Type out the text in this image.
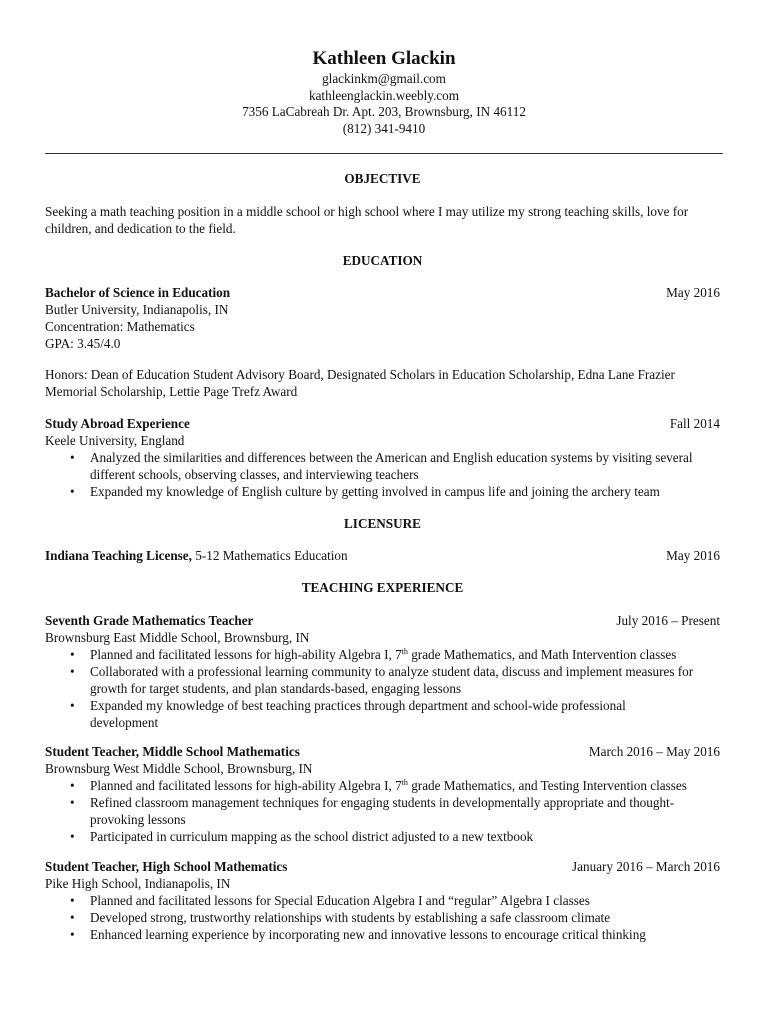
Kathleen Glackin
glackinkm@gmail.com
kathleenglackin.weebly.com
7356 LaCabreah Dr. Apt. 203, Brownsburg, IN 46112
(812) 341-9410
OBJECTIVE
Seeking a math teaching position in a middle school or high school where I may utilize my strong teaching skills, love for
children, and dedication to the field.
EDUCATION
Bachelor of Science in Education	May 2016
Butler University, Indianapolis, IN
Concentration: Mathematics
GPA: 3.45/4.0
Honors: Dean of Education Student Advisory Board, Designated Scholars in Education Scholarship, Edna Lane Frazier
Memorial Scholarship, Lettie Page Trefz Award
Study Abroad Experience	Fall 2014
Keele University, England
• Analyzed the similarities and differences between the American and English education systems by visiting several
different schools, observing classes, and interviewing teachers
• Expanded my knowledge of English culture by getting involved in campus life and joining the archery team
LICENSURE
Indiana Teaching License, 5-12 Mathematics Education	May 2016
TEACHING EXPERIENCE
Seventh Grade Mathematics Teacher	July 2016 – Present
Brownsburg East Middle School, Brownsburg, IN
• Planned and facilitated lessons for high-ability Algebra I, 7th grade Mathematics, and Math Intervention classes
• Collaborated with a professional learning community to analyze student data, discuss and implement measures for
growth for target students, and plan standards-based, engaging lessons
• Expanded my knowledge of best teaching practices through department and school-wide professional
development
Student Teacher, Middle School Mathematics	March 2016 – May 2016
Brownsburg West Middle School, Brownsburg, IN
• Planned and facilitated lessons for high-ability Algebra I, 7th grade Mathematics, and Testing Intervention classes
• Refined classroom management techniques for engaging students in developmentally appropriate and thought-
provoking lessons
• Participated in curriculum mapping as the school district adjusted to a new textbook
Student Teacher, High School Mathematics	January 2016 – March 2016
Pike High School, Indianapolis, IN
• Planned and facilitated lessons for Special Education Algebra I and “regular” Algebra I classes
• Developed strong, trustworthy relationships with students by establishing a safe classroom climate
• Enhanced learning experience by incorporating new and innovative lessons to encourage critical thinking
